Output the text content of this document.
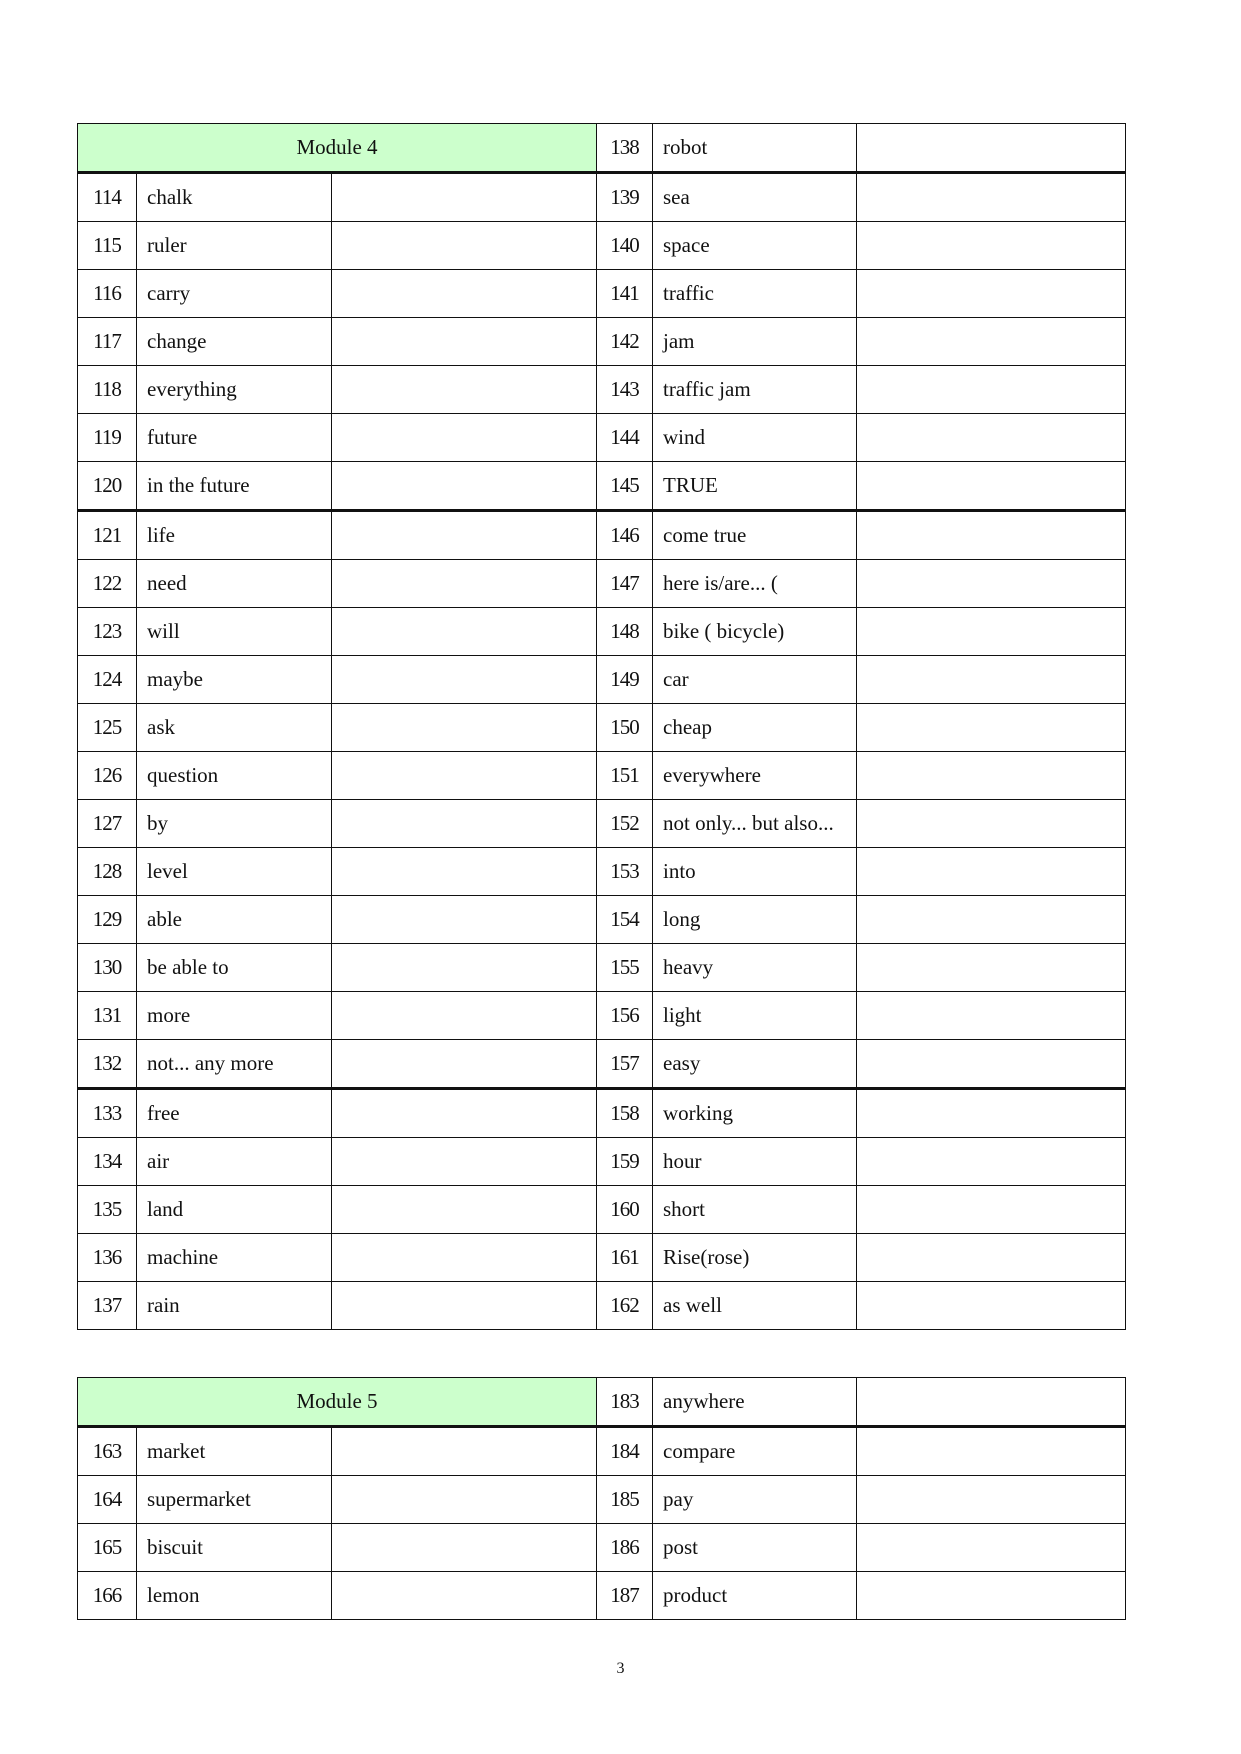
Module 4			138	robot	
114	chalk		139	sea	
115	ruler		140	space	
116	carry		141	traffic	
117	change		142	jam	
118	everything		143	traffic jam	
119	future		144	wind	
120	in the future		145	TRUE	
121	life		146	come true	
122	need		147	here is/are... (	
123	will		148	bike ( bicycle)	
124	maybe		149	car	
125	ask		150	cheap	
126	question		151	everywhere	
127	by		152	not only... but also...	
128	level		153	into	
129	able		154	long	
130	be able to		155	heavy	
131	more		156	light	
132	not... any more		157	easy	
133	free		158	working	
134	air		159	hour	
135	land		160	short	
136	machine		161	Rise(rose)	
137	rain		162	as well	
Module 5			183	anywhere	
163	market		184	compare	
164	supermarket		185	pay	
165	biscuit		186	post	
166	lemon		187	product	
3
